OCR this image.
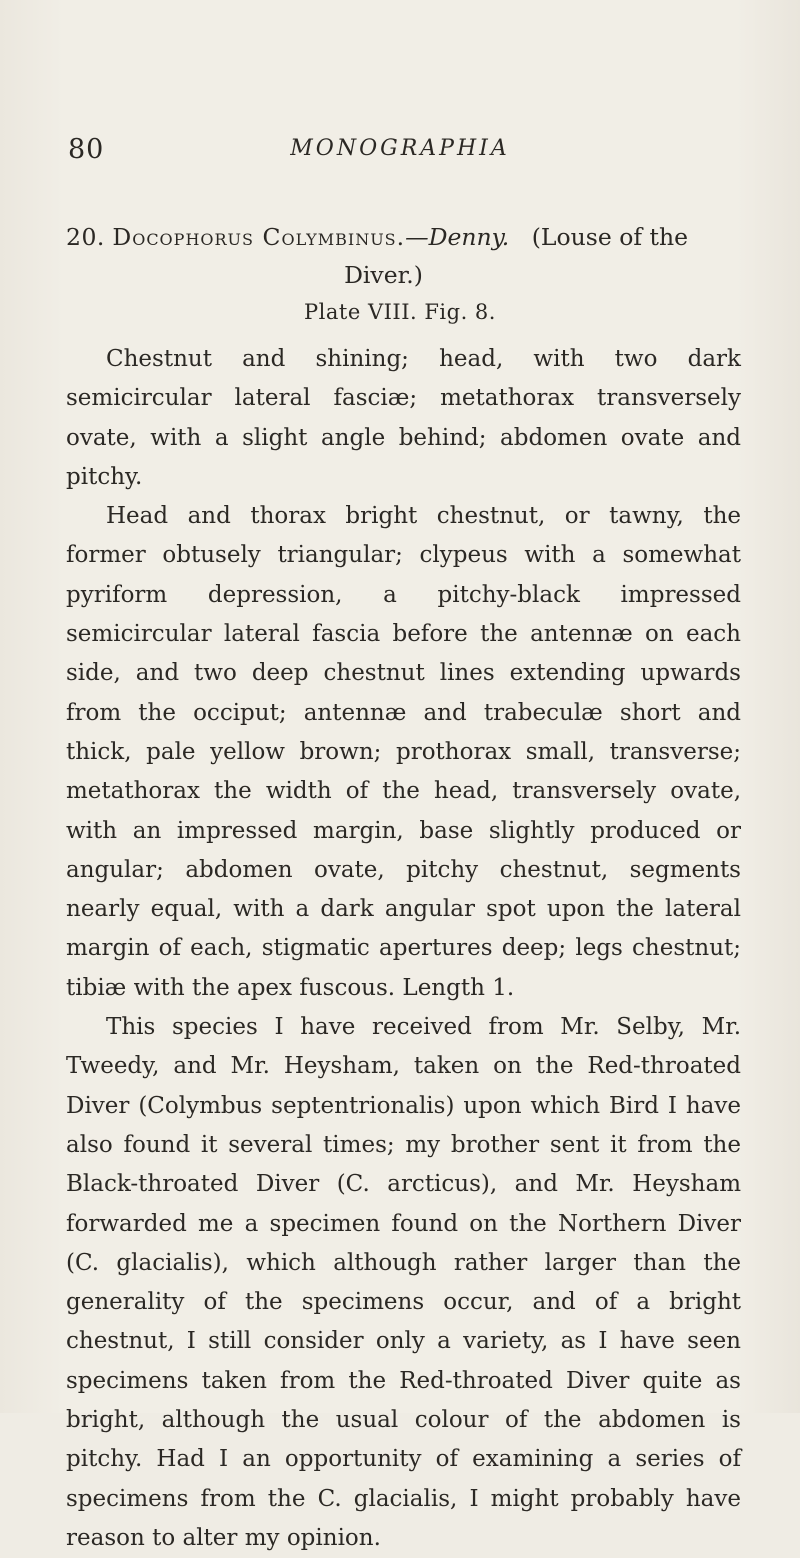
80	MONOGRAPHIA
20. Docophorus Colymbinus.—Denny. (Louse of the
Diver.)
Plate VIII. Fig. 8.

Chestnut and shining; head, with two dark semicircular lateral fasciæ; metathorax transversely ovate, with a slight angle behind; abdomen ovate and pitchy.

Head and thorax bright chestnut, or tawny, the former obtusely triangular; clypeus with a somewhat pyriform depression, a pitchy-black impressed semicircular lateral fascia before the antennæ on each side, and two deep chestnut lines extending upwards from the occiput; antennæ and trabeculæ short and thick, pale yellow brown; prothorax small, transverse; metathorax the width of the head, transversely ovate, with an impressed margin, base slightly produced or angular; abdomen ovate, pitchy chestnut, segments nearly equal, with a dark angular spot upon the lateral margin of each, stigmatic apertures deep; legs chestnut; tibiæ with the apex fuscous. Length 1.

This species I have received from Mr. Selby, Mr. Tweedy, and Mr. Heysham, taken on the Red-throated Diver (Colymbus septentrionalis) upon which Bird I have also found it several times; my brother sent it from the Black-throated Diver (C. arcticus), and Mr. Heysham forwarded me a specimen found on the Northern Diver (C. glacialis), which although rather larger than the generality of the specimens occur, and of a bright chestnut, I still consider only a variety, as I have seen specimens taken from the Red-throated Diver quite as bright, although the usual colour of the abdomen is pitchy. Had I an opportunity of examining a series of specimens from the C. glacialis, I might probably have reason to alter my opinion.
